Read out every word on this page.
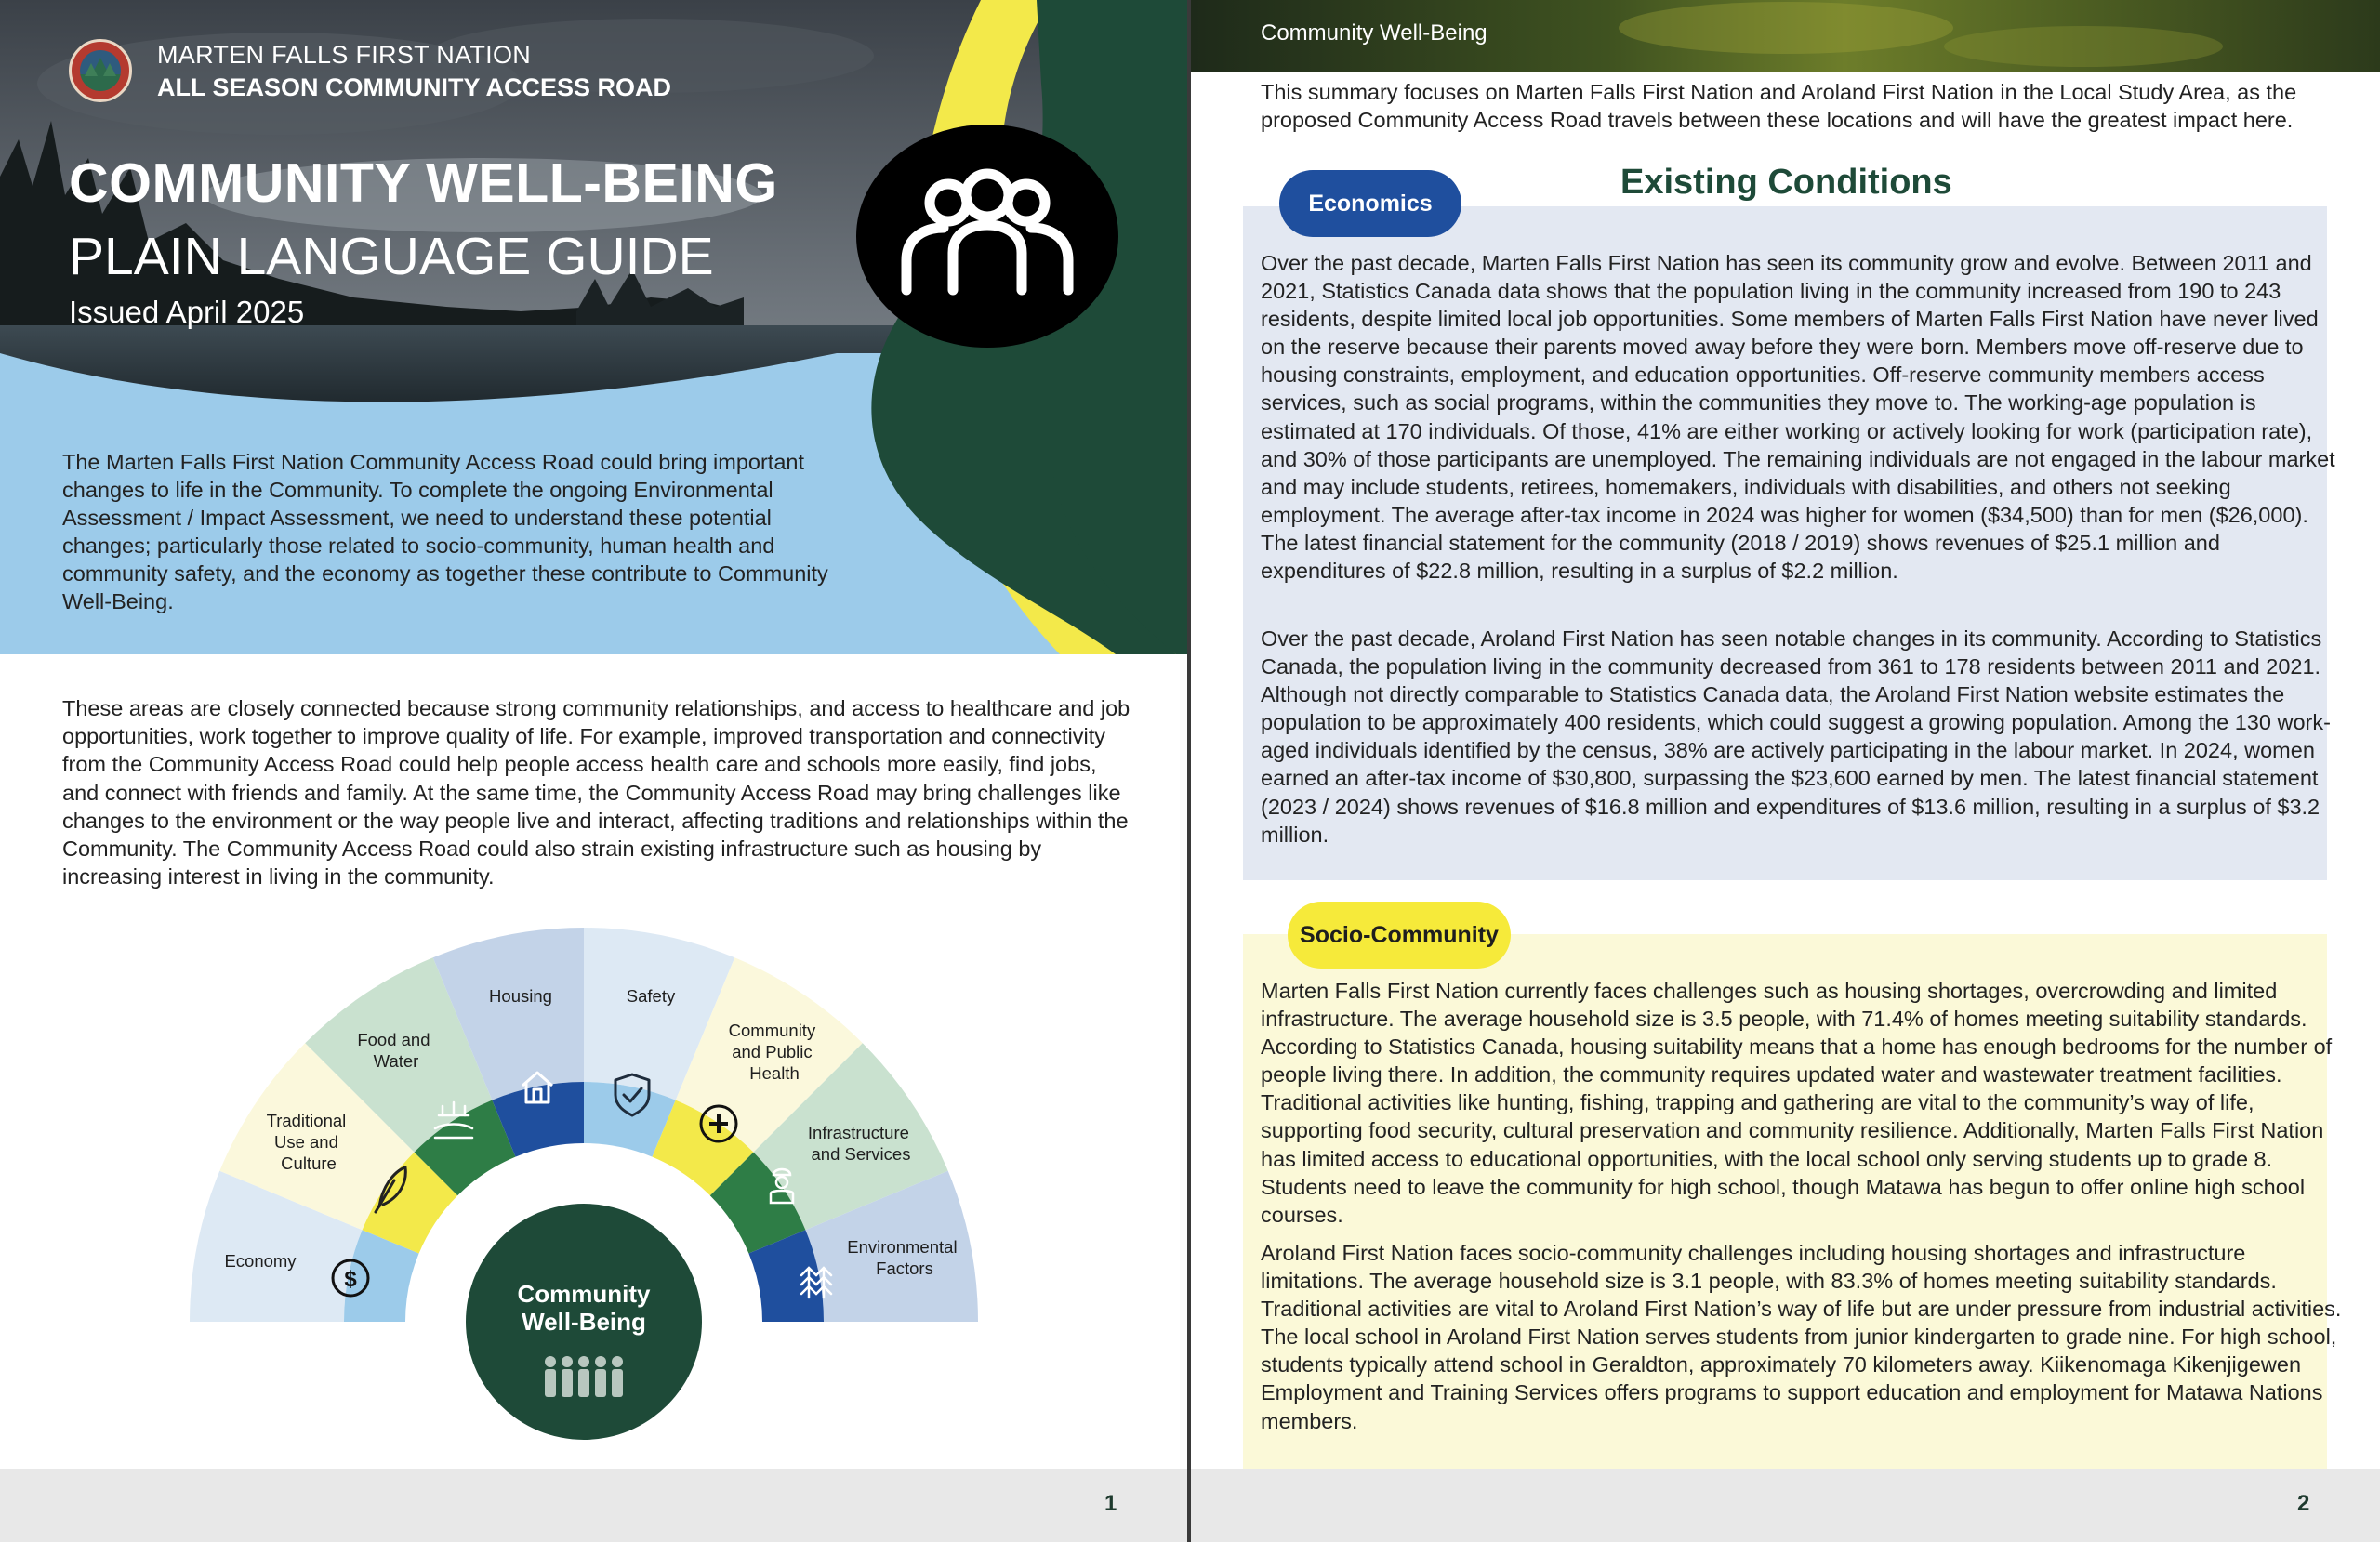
MARTEN FALLS FIRST NATION
ALL SEASON COMMUNITY ACCESS ROAD
COMMUNITY WELL-BEING
PLAIN LANGUAGE GUIDE
Issued April 2025
The Marten Falls First Nation Community Access Road could bring important changes to life in the Community. To complete the ongoing Environmental Assessment / Impact Assessment, we need to understand these potential changes; particularly those related to socio-community, human health and community safety, and the economy as together these contribute to Community Well-Being.
These areas are closely connected because strong community relationships, and access to healthcare and job opportunities, work together to improve quality of life. For example, improved transportation and connectivity from the Community Access Road could help people access health care and schools more easily, find jobs, and connect with friends and family. At the same time, the Community Access Road may bring challenges like changes to the environment or the way people live and interact, affecting traditions and relationships within the Community. The Community Access Road could also strain existing infrastructure such as housing by increasing interest in living in the community.
$
Economy
Traditional Use and Culture
Food and Water
Housing	Safety
Community and Public Health
Infrastructure and Services
Environmental Factors
Community
Well-Being
1
Community Well-Being
This summary focuses on Marten Falls First Nation and Aroland First Nation in the Local Study Area, as the proposed Community Access Road travels between these locations and will have the greatest impact here.
Existing Conditions
Economics
Over the past decade, Marten Falls First Nation has seen its community grow and evolve. Between 2011 and 2021, Statistics Canada data shows that the population living in the community increased from 190 to 243 residents, despite limited local job opportunities. Some members of Marten Falls First Nation have never lived on the reserve because their parents moved away before they were born. Members move off-reserve due to housing constraints, employment, and education opportunities. Off-reserve community members access services, such as social programs, within the communities they move to. The working-age population is estimated at 170 individuals. Of those, 41% are either working or actively looking for work (participation rate), and 30% of those participants are unemployed. The remaining individuals are not engaged in the labour market and may include students, retirees, homemakers, individuals with disabilities, and others not seeking employment. The average after-tax income in 2024 was higher for women ($34,500) than for men ($26,000). The latest financial statement for the community (2018 / 2019) shows revenues of $25.1 million and expenditures of $22.8 million, resulting in a surplus of $2.2 million.
Over the past decade, Aroland First Nation has seen notable changes in its community. According to Statistics Canada, the population living in the community decreased from 361 to 178 residents between 2011 and 2021. Although not directly comparable to Statistics Canada data, the Aroland First Nation website estimates the population to be approximately 400 residents, which could suggest a growing population. Among the 130 work-aged individuals identified by the census, 38% are actively participating in the labour market. In 2024, women earned an after-tax income of $30,800, surpassing the $23,600 earned by men. The latest financial statement (2023 / 2024) shows revenues of $16.8 million and expenditures of $13.6 million, resulting in a surplus of $3.2 million.
Socio-Community
Marten Falls First Nation currently faces challenges such as housing shortages, overcrowding and limited infrastructure. The average household size is 3.5 people, with 71.4% of homes meeting suitability standards. According to Statistics Canada, housing suitability means that a home has enough bedrooms for the number of people living there. In addition, the community requires updated water and wastewater treatment facilities. Traditional activities like hunting, fishing, trapping and gathering are vital to the community’s way of life, supporting food security, cultural preservation and community resilience. Additionally, Marten Falls First Nation has limited access to educational opportunities, with the local school only serving students up to grade 8. Students need to leave the community for high school, though Matawa has begun to offer online high school courses.
Aroland First Nation faces socio-community challenges including housing shortages and infrastructure limitations. The average household size is 3.1 people, with 83.3% of homes meeting suitability standards. Traditional activities are vital to Aroland First Nation’s way of life but are under pressure from industrial activities. The local school in Aroland First Nation serves students from junior kindergarten to grade nine. For high school, students typically attend school in Geraldton, approximately 70 kilometers away. Kiikenomaga Kikenjigewen Employment and Training Services offers programs to support education and employment for Matawa Nations members.
2
